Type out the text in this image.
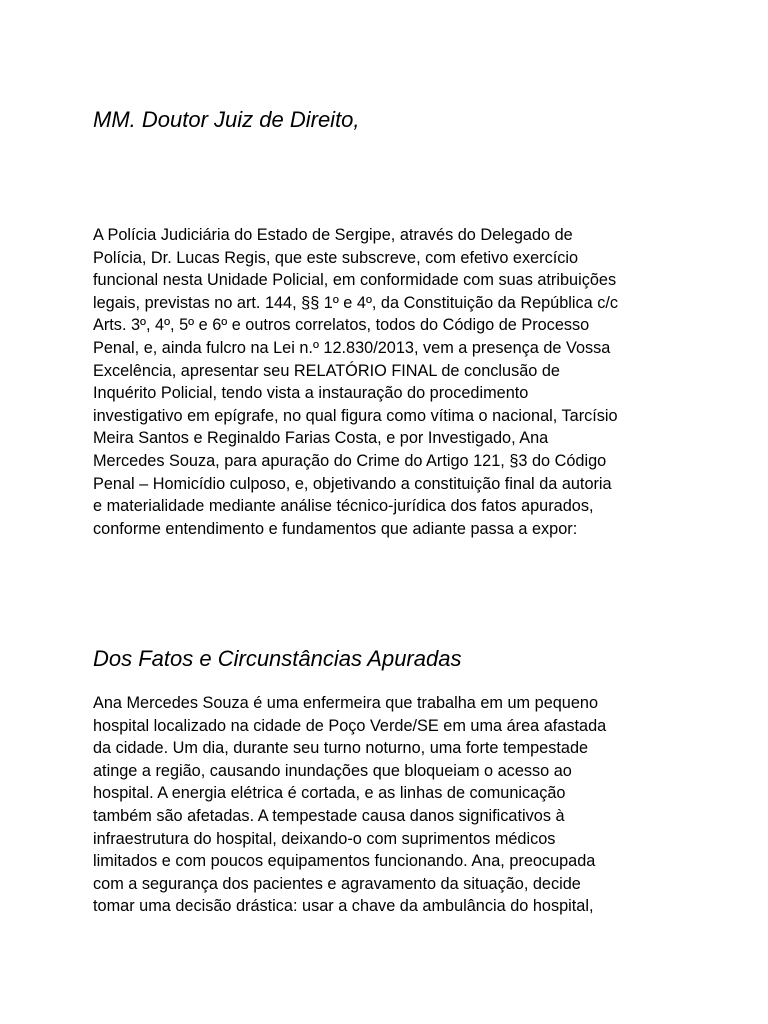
MM. Doutor Juiz de Direito,

A Polícia Judiciária do Estado de Sergipe, através do Delegado de
Polícia, Dr. Lucas Regis, que este subscreve, com efetivo exercício
funcional nesta Unidade Policial, em conformidade com suas atribuições
legais, previstas no art. 144, §§ 1º e 4º, da Constituição da República c/c
Arts. 3º, 4º, 5º e 6º e outros correlatos, todos do Código de Processo
Penal, e, ainda fulcro na Lei n.º 12.830/2013, vem a presença de Vossa
Excelência, apresentar seu RELATÓRIO FINAL de conclusão de
Inquérito Policial, tendo vista a instauração do procedimento
investigativo em epígrafe, no qual figura como vítima o nacional, Tarcísio
Meira Santos e Reginaldo Farias Costa, e por Investigado, Ana
Mercedes Souza, para apuração do Crime do Artigo 121, §3 do Código
Penal – Homicídio culposo, e, objetivando a constituição final da autoria
e materialidade mediante análise técnico-jurídica dos fatos apurados,
conforme entendimento e fundamentos que adiante passa a expor:

Dos Fatos e Circunstâncias Apuradas

Ana Mercedes Souza é uma enfermeira que trabalha em um pequeno
hospital localizado na cidade de Poço Verde/SE em uma área afastada
da cidade. Um dia, durante seu turno noturno, uma forte tempestade
atinge a região, causando inundações que bloqueiam o acesso ao
hospital. A energia elétrica é cortada, e as linhas de comunicação
também são afetadas. A tempestade causa danos significativos à
infraestrutura do hospital, deixando-o com suprimentos médicos
limitados e com poucos equipamentos funcionando. Ana, preocupada
com a segurança dos pacientes e agravamento da situação, decide
tomar uma decisão drástica: usar a chave da ambulância do hospital,
